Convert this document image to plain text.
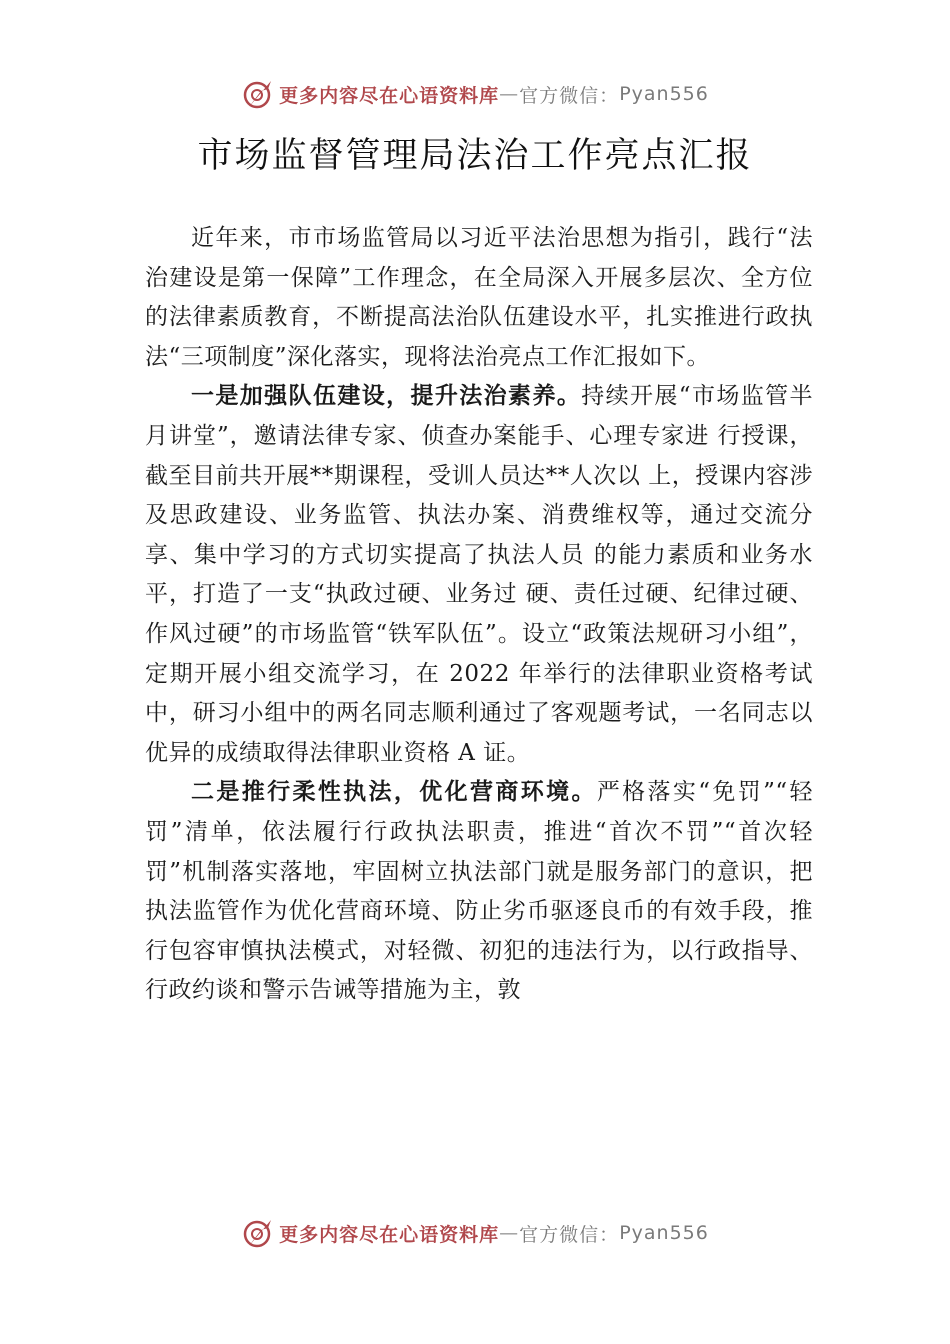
更多内容尽在心语资料库 — 官方微信： Pyan556
市场监督管理局法治工作亮点汇报

近年来，市市场监管局以习近平法治思想为指引，践行“法治建设是第一保障”工作理念，在全局深入开展多层次、全方位的法律素质教育，不断提高法治队伍建设水平，扎实推进行政执法“三项制度”深化落实，现将法治亮点工作汇报如下。

一是加强队伍建设，提升法治素养。持续开展“市场监管半月讲堂”，邀请法律专家、侦查办案能手、心理专家进 行授课，截至目前共开展**期课程，受训人员达**人次以 上，授课内容涉及思政建设、业务监管、执法办案、消费维权等，通过交流分享、集中学习的方式切实提高了执法人员 的能力素质和业务水平，打造了一支“执政过硬、业务过 硬、责任过硬、纪律过硬、作风过硬”的市场监管“铁军队伍”。设立“政策法规研习小组”，定期开展小组交流学习，在 2022 年举行的法律职业资格考试中，研习小组中的两名同志顺利通过了客观题考试，一名同志以优异的成绩取得法律职业资格 A 证。

二是推行柔性执法，优化营商环境。严格落实“免罚”“轻罚”清单，依法履行行政执法职责，推进“首次不罚”“首次轻罚”机制落实落地，牢固树立执法部门就是服务部门的意识，把执法监管作为优化营商环境、防止劣币驱逐良币的有效手段，推行包容审慎执法模式，对轻微、初犯的违法行为，以行政指导、行政约谈和警示告诫等措施为主，敦

更多内容尽在心语资料库 — 官方微信： Pyan556
